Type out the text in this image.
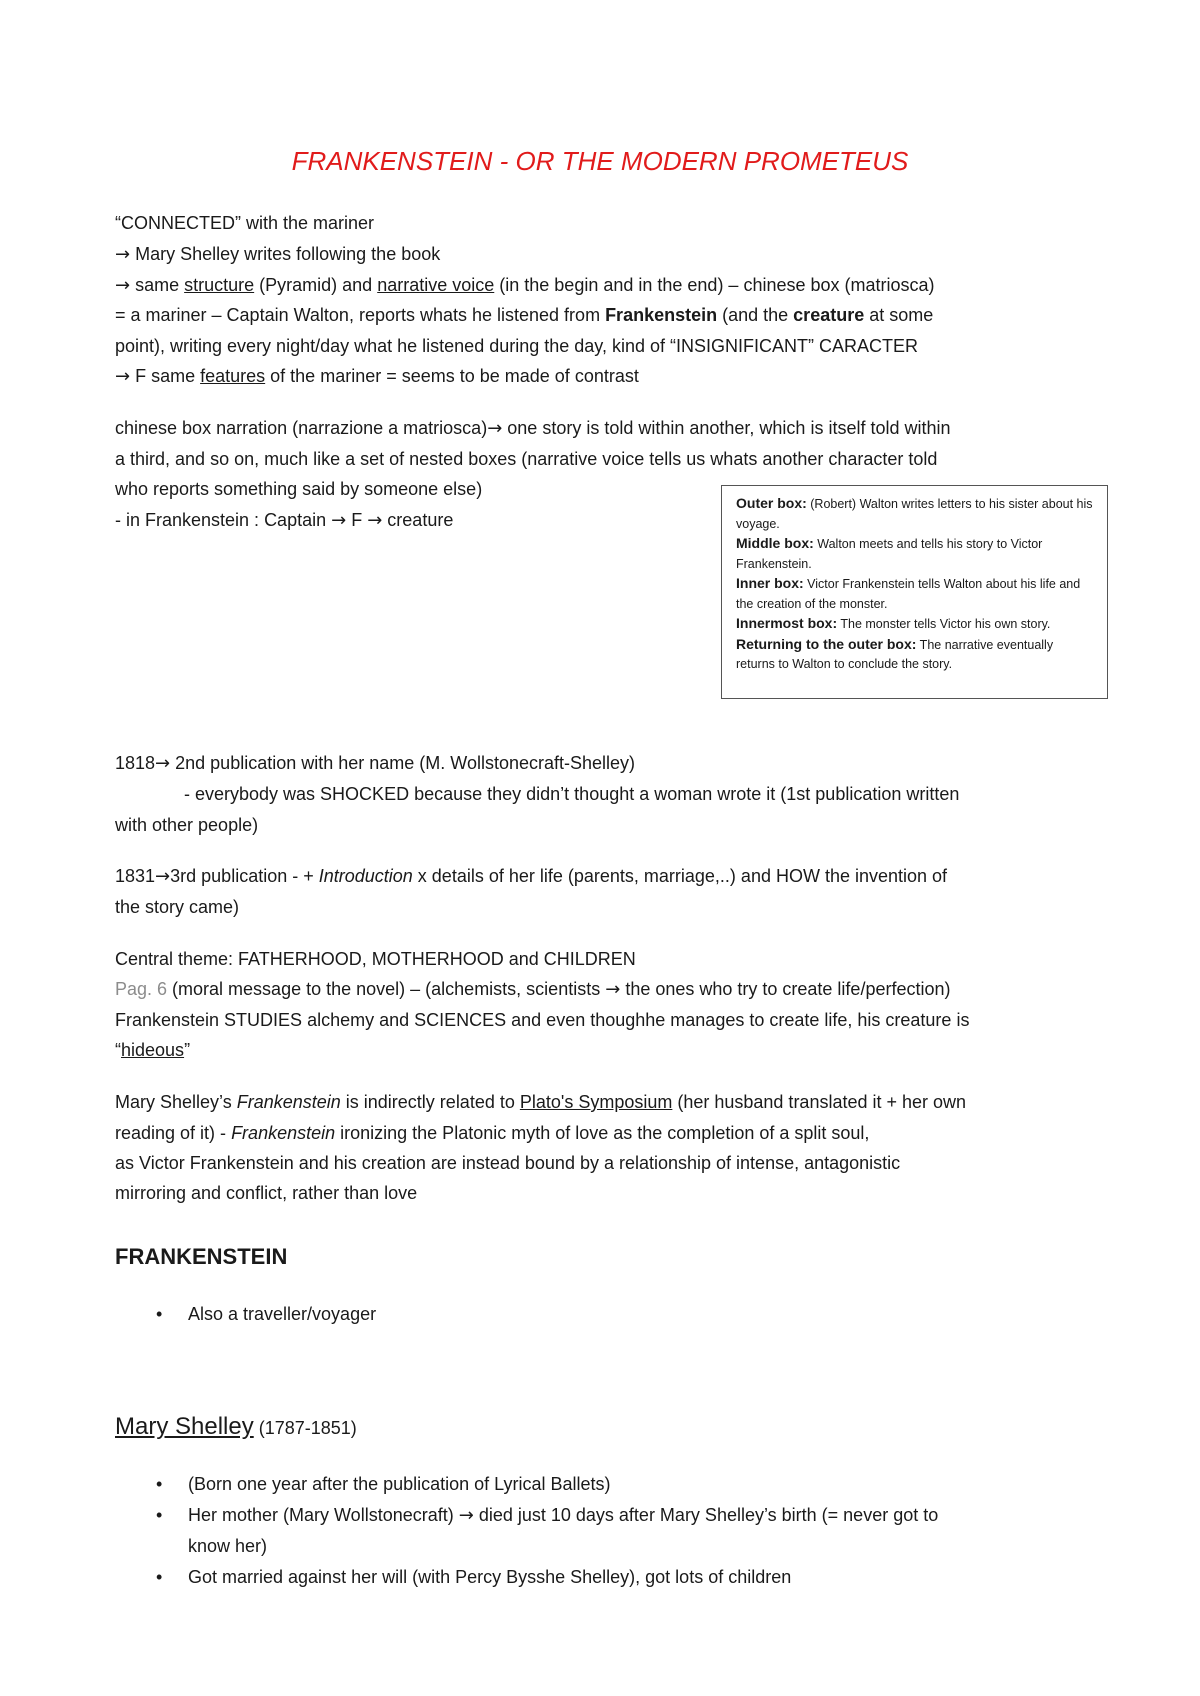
FRANKENSTEIN - OR THE MODERN PROMETEUS
“CONNECTED” with the mariner
→ Mary Shelley writes following the book
→ same structure (Pyramid) and narrative voice (in the begin and in the end) – chinese box (matriosca)
= a mariner – Captain Walton, reports whats he listened from Frankenstein (and the creature at some
point), writing every night/day what he listened during the day, kind of “INSIGNIFICANT” CARACTER
→ F same features of the mariner = seems to be made of contrast
chinese box narration (narrazione a matriosca)→ one story is told within another, which is itself told within
a third, and so on, much like a set of nested boxes (narrative voice tells us whats another character told
who reports something said by someone else)
- in Frankenstein : Captain → F → creature
Outer box: (Robert) Walton writes letters to his sister about his voyage.
Middle box: Walton meets and tells his story to Victor Frankenstein.
Inner box: Victor Frankenstein tells Walton about his life and the creation of the monster.
Innermost box: The monster tells Victor his own story.
Returning to the outer box: The narrative eventually returns to Walton to conclude the story.
1818→ 2nd publication with her name (M. Wollstonecraft-Shelley)
- everybody was SHOCKED because they didn’t thought a woman wrote it (1st publication written
with other people)
1831→3rd publication - + Introduction x details of her life (parents, marriage,..) and HOW the invention of
the story came)
Central theme: FATHERHOOD, MOTHERHOOD and CHILDREN
Pag. 6 (moral message to the novel) – (alchemists, scientists → the ones who try to create life/perfection)
Frankenstein STUDIES alchemy and SCIENCES and even thoughhe manages to create life, his creature is
“hideous”
Mary Shelley’s Frankenstein is indirectly related to Plato's Symposium (her husband translated it + her own
reading of it) - Frankenstein ironizing the Platonic myth of love as the completion of a split soul,
as Victor Frankenstein and his creation are instead bound by a relationship of intense, antagonistic
mirroring and conflict, rather than love
FRANKENSTEIN
• Also a traveller/voyager
Mary Shelley (1787-1851)
• (Born one year after the publication of Lyrical Ballets)
• Her mother (Mary Wollstonecraft) → died just 10 days after Mary Shelley’s birth (= never got to
know her)
• Got married against her will (with Percy Bysshe Shelley), got lots of children
